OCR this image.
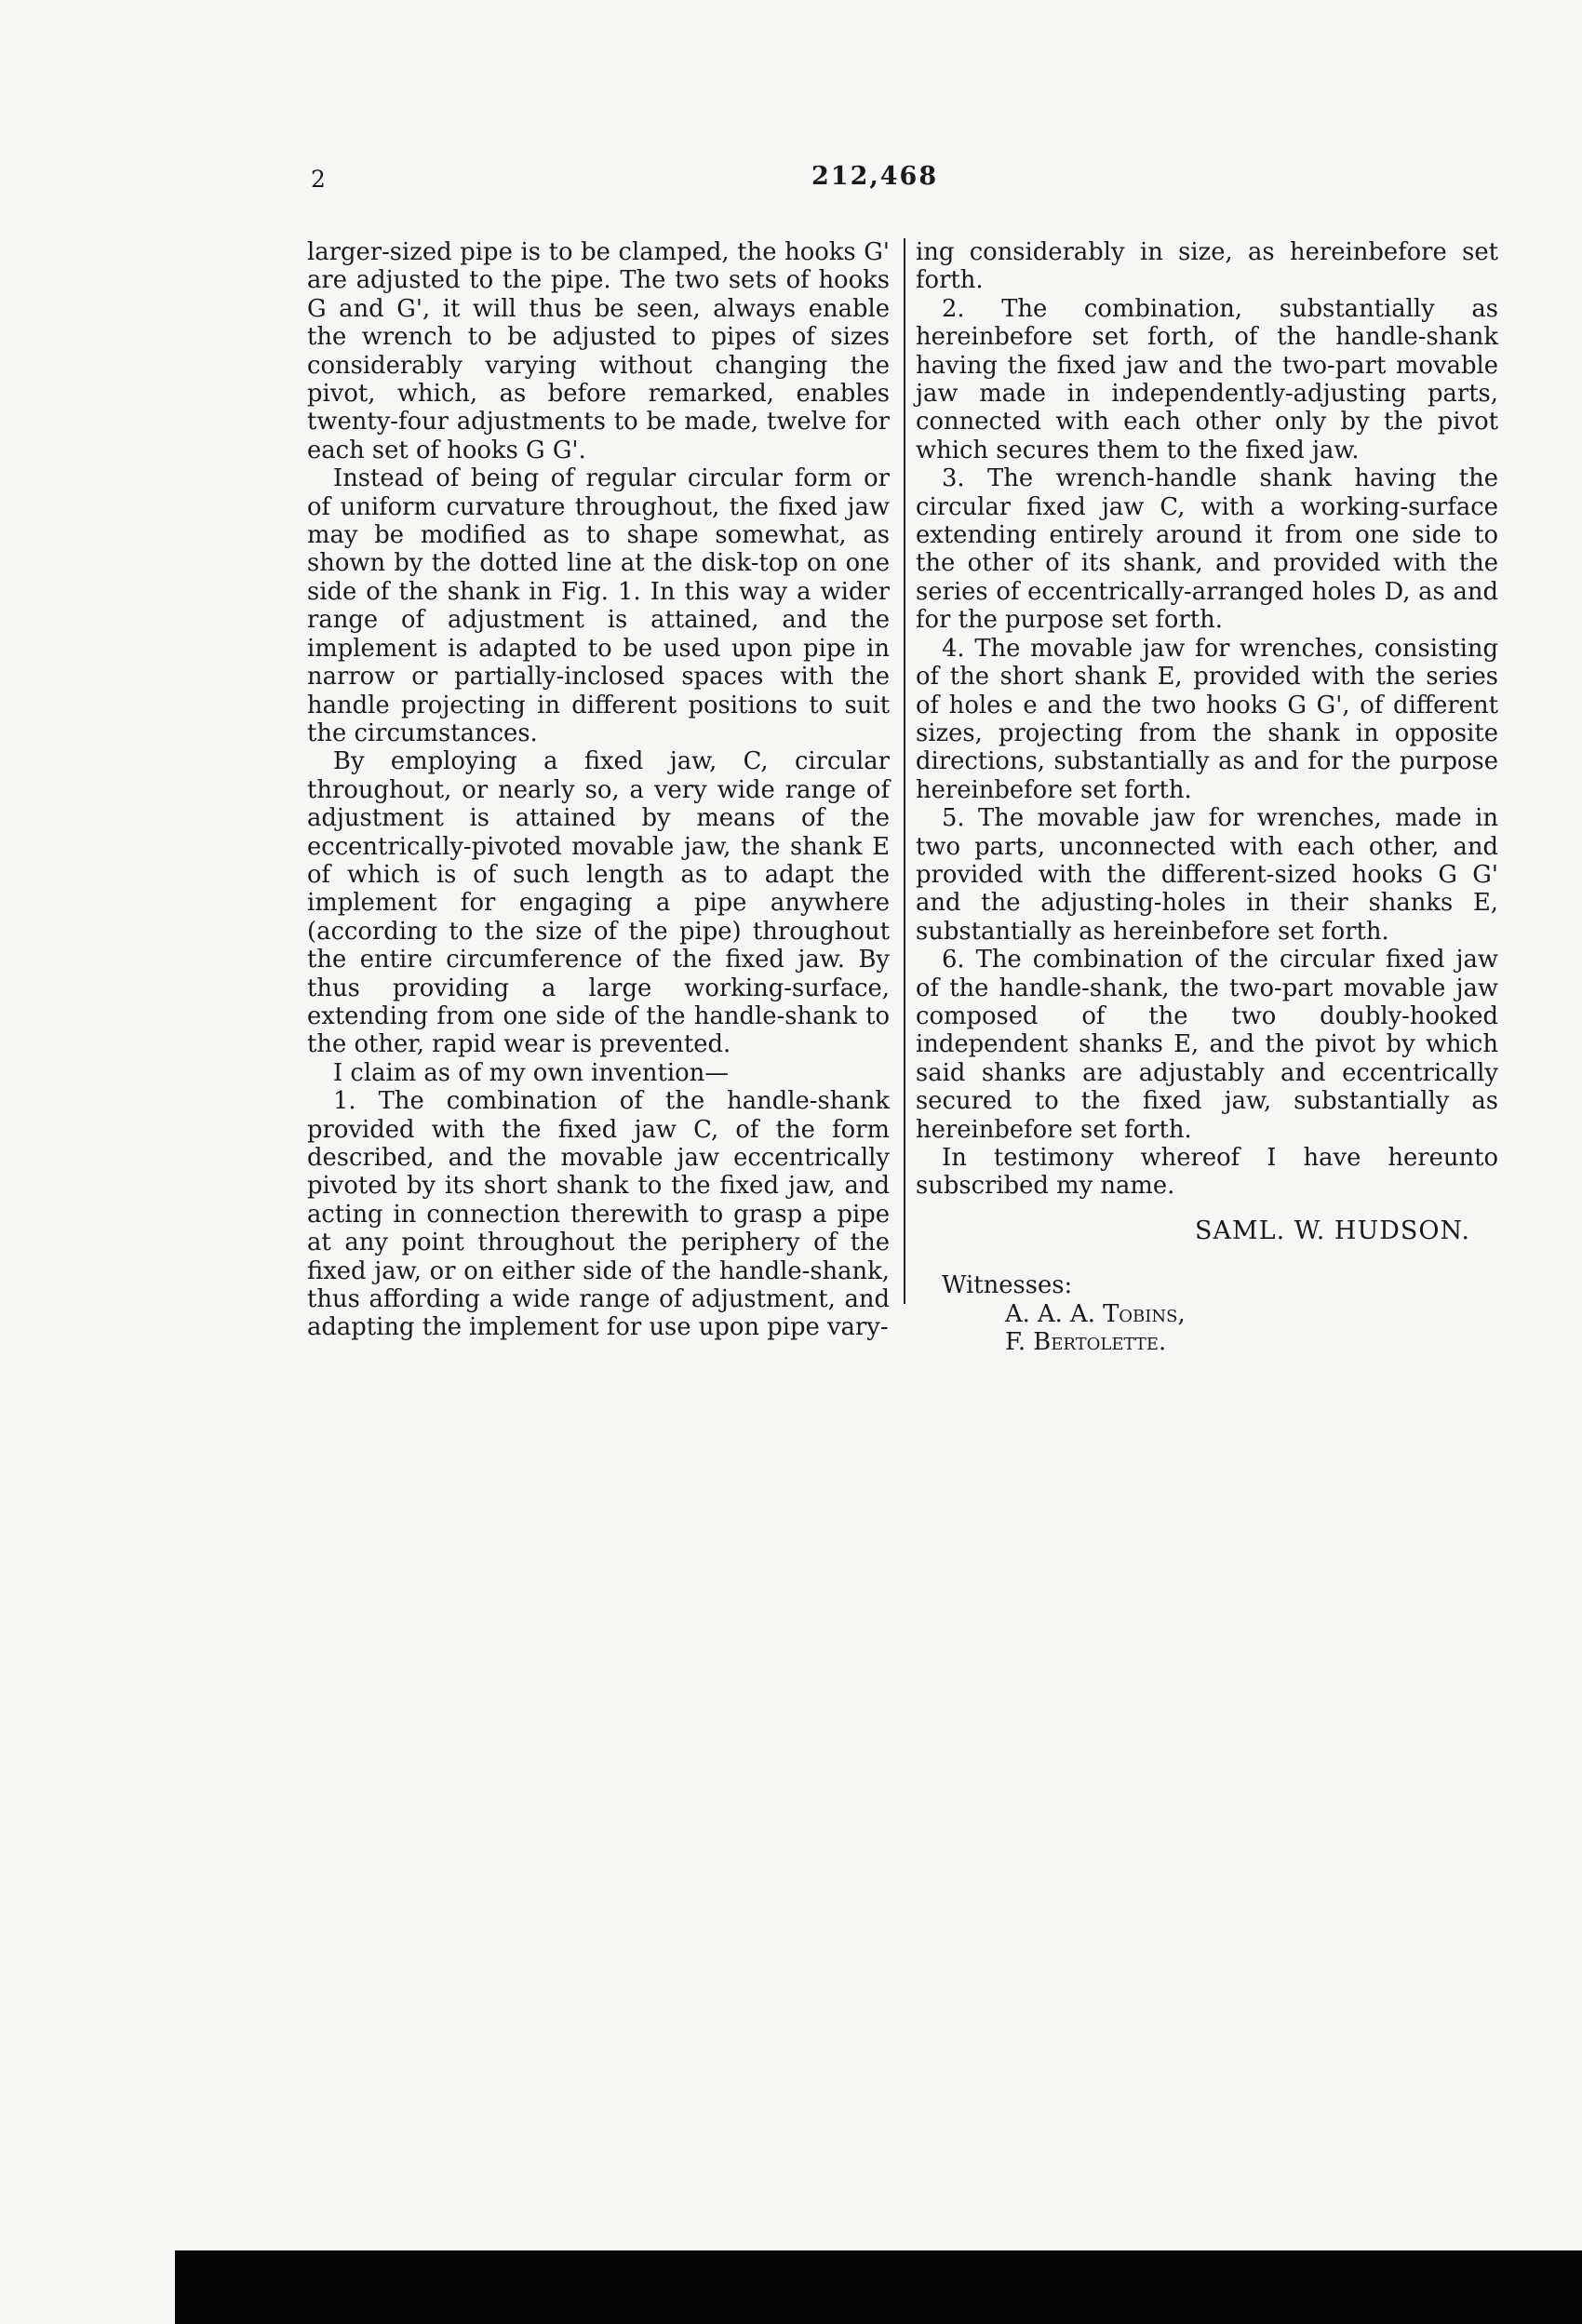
2	212,468

larger-sized pipe is to be clamped, the hooks G' are adjusted to the pipe. The two sets of hooks G and G', it will thus be seen, always enable the wrench to be adjusted to pipes of sizes considerably varying without changing the pivot, which, as before remarked, enables twenty-four adjustments to be made, twelve for each set of hooks G G'.

Instead of being of regular circular form or of uniform curvature throughout, the fixed jaw may be modified as to shape somewhat, as shown by the dotted line at the disk-top on one side of the shank in Fig. 1. In this way a wider range of adjustment is attained, and the implement is adapted to be used upon pipe in narrow or partially-inclosed spaces with the handle projecting in different positions to suit the circumstances.

By employing a fixed jaw, C, circular throughout, or nearly so, a very wide range of adjustment is attained by means of the eccentrically-pivoted movable jaw, the shank E of which is of such length as to adapt the implement for engaging a pipe anywhere (according to the size of the pipe) throughout the entire circumference of the fixed jaw. By thus providing a large working-surface, extending from one side of the handle-shank to the other, rapid wear is prevented.

I claim as of my own invention—

1. The combination of the handle-shank provided with the fixed jaw C, of the form described, and the movable jaw eccentrically pivoted by its short shank to the fixed jaw, and acting in connection therewith to grasp a pipe at any point throughout the periphery of the fixed jaw, or on either side of the handle-shank, thus affording a wide range of adjustment, and adapting the implement for use upon pipe vary-

ing considerably in size, as hereinbefore set forth.

2. The combination, substantially as hereinbefore set forth, of the handle-shank having the fixed jaw and the two-part movable jaw made in independently-adjusting parts, connected with each other only by the pivot which secures them to the fixed jaw.

3. The wrench-handle shank having the circular fixed jaw C, with a working-surface extending entirely around it from one side to the other of its shank, and provided with the series of eccentrically-arranged holes D, as and for the purpose set forth.

4. The movable jaw for wrenches, consisting of the short shank E, provided with the series of holes e and the two hooks G G', of different sizes, projecting from the shank in opposite directions, substantially as and for the purpose hereinbefore set forth.

5. The movable jaw for wrenches, made in two parts, unconnected with each other, and provided with the different-sized hooks G G' and the adjusting-holes in their shanks E, substantially as hereinbefore set forth.

6. The combination of the circular fixed jaw of the handle-shank, the two-part movable jaw composed of the two doubly-hooked independent shanks E, and the pivot by which said shanks are adjustably and eccentrically secured to the fixed jaw, substantially as hereinbefore set forth.

In testimony whereof I have hereunto subscribed my name.

SAML. W. HUDSON.
Witnesses:
A. A. A. Tobins,
F. Bertolette.
